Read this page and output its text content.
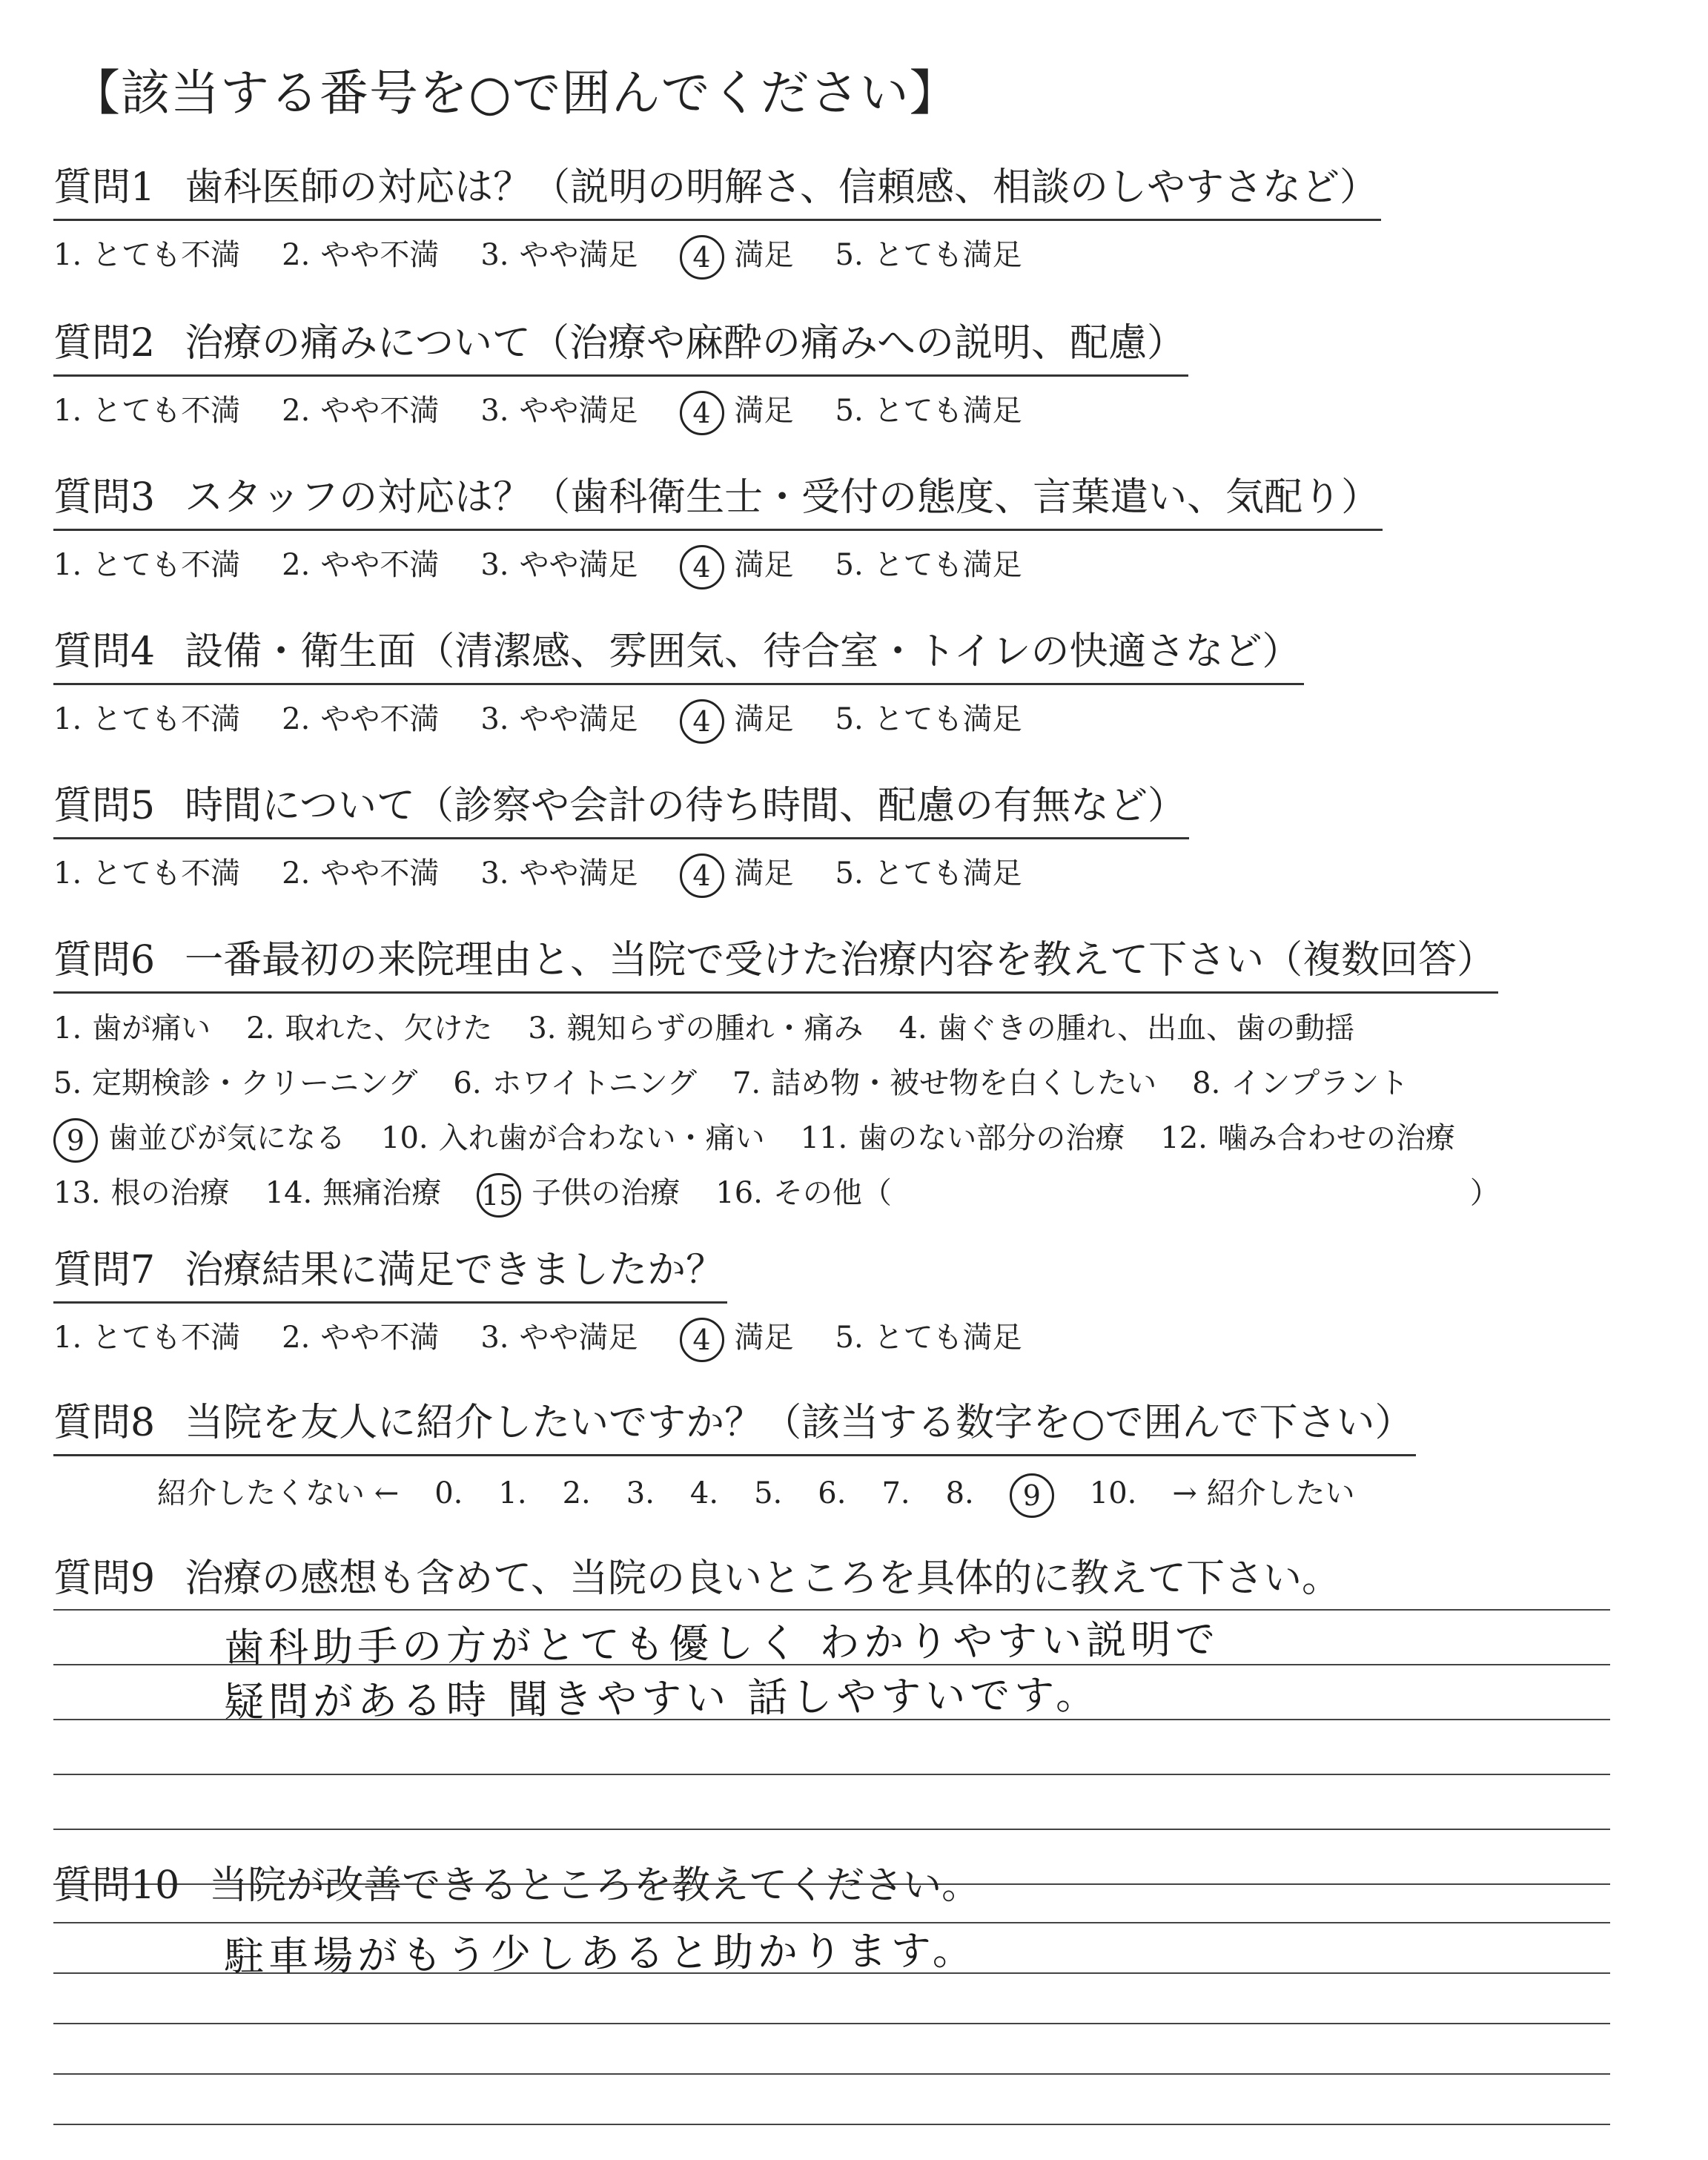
【該当する番号を○で囲んでください】
質問1 歯科医師の対応は？（説明の明解さ、信頼感、相談のしやすさなど）
1. とても不満 2. やや不満 3. やや満足 4 満足 5. とても満足
質問2 治療の痛みについて（治療や麻酔の痛みへの説明、配慮）
1. とても不満 2. やや不満 3. やや満足 4 満足 5. とても満足
質問3 スタッフの対応は？（歯科衛生士・受付の態度、言葉遣い、気配り）
1. とても不満 2. やや不満 3. やや満足 4 満足 5. とても満足
質問4 設備・衛生面（清潔感、雰囲気、待合室・トイレの快適さなど）
1. とても不満 2. やや不満 3. やや満足 4 満足 5. とても満足
質問5 時間について（診察や会計の待ち時間、配慮の有無など）
1. とても不満 2. やや不満 3. やや満足 4 満足 5. とても満足
質問6 一番最初の来院理由と、当院で受けた治療内容を教えて下さい（複数回答）
1. 歯が痛い 2. 取れた、欠けた 3. 親知らずの腫れ・痛み 4. 歯ぐきの腫れ、出血、歯の動揺
5. 定期検診・クリーニング 6. ホワイトニング 7. 詰め物・被せ物を白くしたい 8. インプラント
9 歯並びが気になる 10. 入れ歯が合わない・痛い 11. 歯のない部分の治療 12. 噛み合わせの治療
13. 根の治療 14. 無痛治療 15 子供の治療 16. その他（	）
質問7 治療結果に満足できましたか？
1. とても不満 2. やや不満 3. やや満足 4 満足 5. とても満足
質問8 当院を友人に紹介したいですか？（該当する数字を○で囲んで下さい）
紹介したくない ← 0. 1. 2. 3. 4. 5. 6. 7. 8. 9 10. → 紹介したい
質問9 治療の感想も含めて、当院の良いところを具体的に教えて下さい。
歯科助手の方がとても優しく わかりやすい説明で
疑問がある時 聞きやすい 話しやすいです。
質問10 当院が改善できるところを教えてください。
駐車場がもう少しあると助かります。
